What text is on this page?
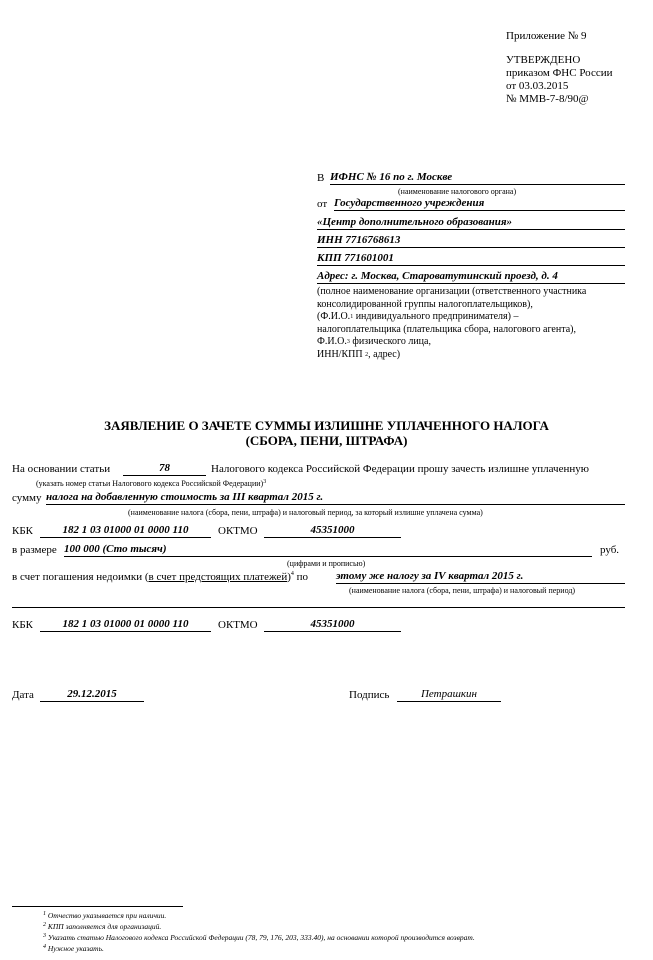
Приложение № 9
УТВЕРЖДЕНО
приказом ФНС России
от 03.03.2015
№ ММВ-7-8/90@
В ИФНС № 16 по г. Москве
(наименование налогового органа)
от Государственного учреждения
«Центр дополнительного образования»
ИНН 7716768613
КПП 771601001
Адрес: г. Москва, Староватутинский проезд, д. 4
(полное наименование организации (ответственного участника
консолидированной группы налогоплательщиков),
(Ф.И.О.$^1$ индивидуального предпринимателя) –
налогоплательщика (плательщика сбора, налогового агента),
Ф.И.О.$^3$ физического лица,
ИНН/КПП $^2$, адрес)
ЗАЯВЛЕНИЕ О ЗАЧЕТЕ СУММЫ ИЗЛИШНЕ УПЛАЧЕННОГО НАЛОГА
(СБОРА, ПЕНИ, ШТРАФА)
На основании статьи	78	Налогового кодекса Российской Федерации прошу зачесть излишне уплаченную
(указать номер статьи Налогового кодекса Российской Федерации)$^3$
сумму налога на добавленную стоимость за III квартал 2015 г.
(наименование налога (сбора, пени, штрафа) и налоговый период, за который излишне уплачена сумма)
КБК	182 1 03 01000 01 0000 110	ОКТМО	45351000
в размере 100 000 (Сто тысяч)	руб.
(цифрами и прописью)
в счет погашения недоимки (в счет предстоящих платежей)$^4$ по	этому же налогу за IV квартал 2015 г.
(наименование налога (сбора, пени, штрафа) и налоговый период)
КБК	182 1 03 01000 01 0000 110	ОКТМО	45351000
Дата	29.12.2015	Подпись	Петрашкин
$^1$ Отчество указывается при наличии.
$^2$ КПП заполняется для организаций.
$^3$ Указать статью Налогового кодекса Российской Федерации (78, 79, 176, 203, 333.40), на основании которой производится возврат.
$^4$ Нужное указать.
